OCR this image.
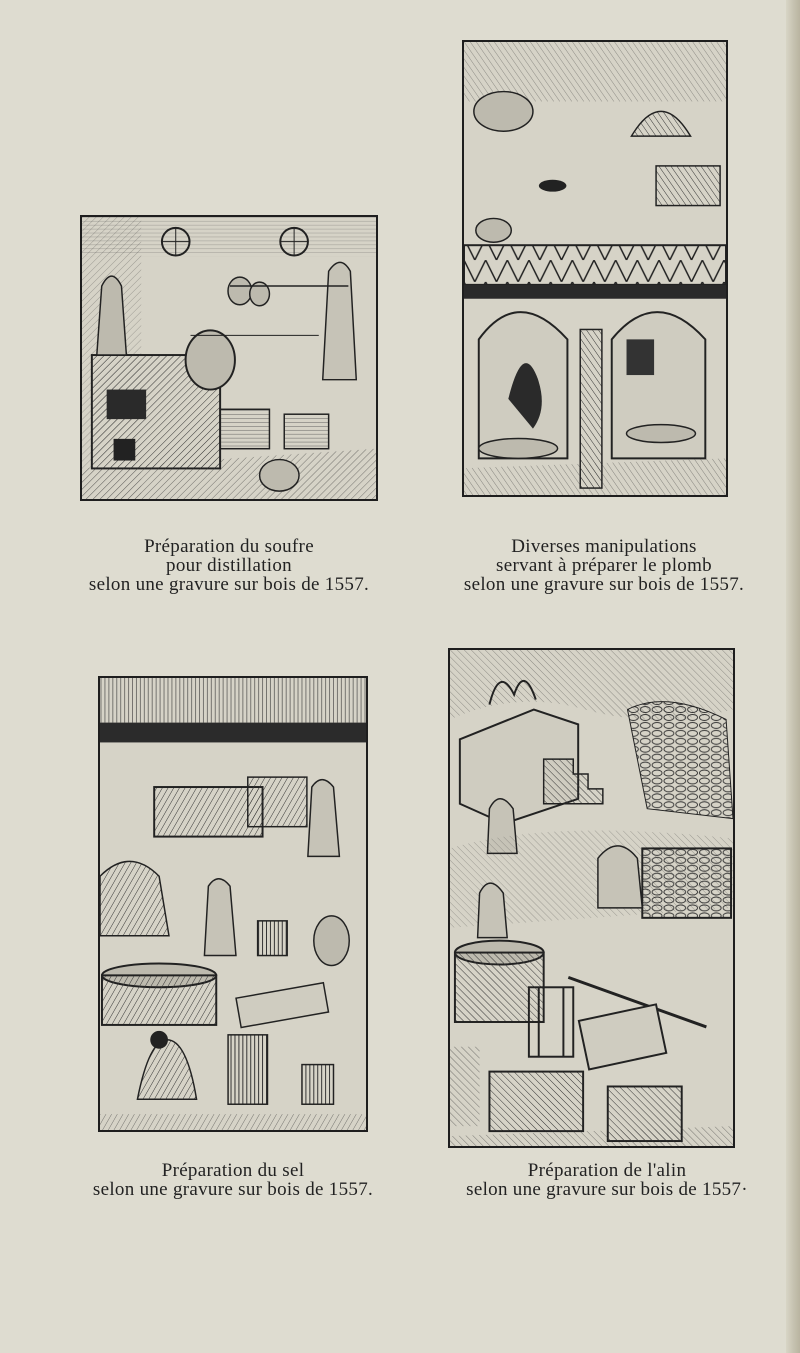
Préparation du soufre
pour distillation
selon une gravure sur bois de 1557.
Diverses manipulations
servant à préparer le plomb
selon une gravure sur bois de 1557.
Préparation du sel
selon une gravure sur bois de 1557.
Préparation de l'alin
selon une gravure sur bois de 1557·
